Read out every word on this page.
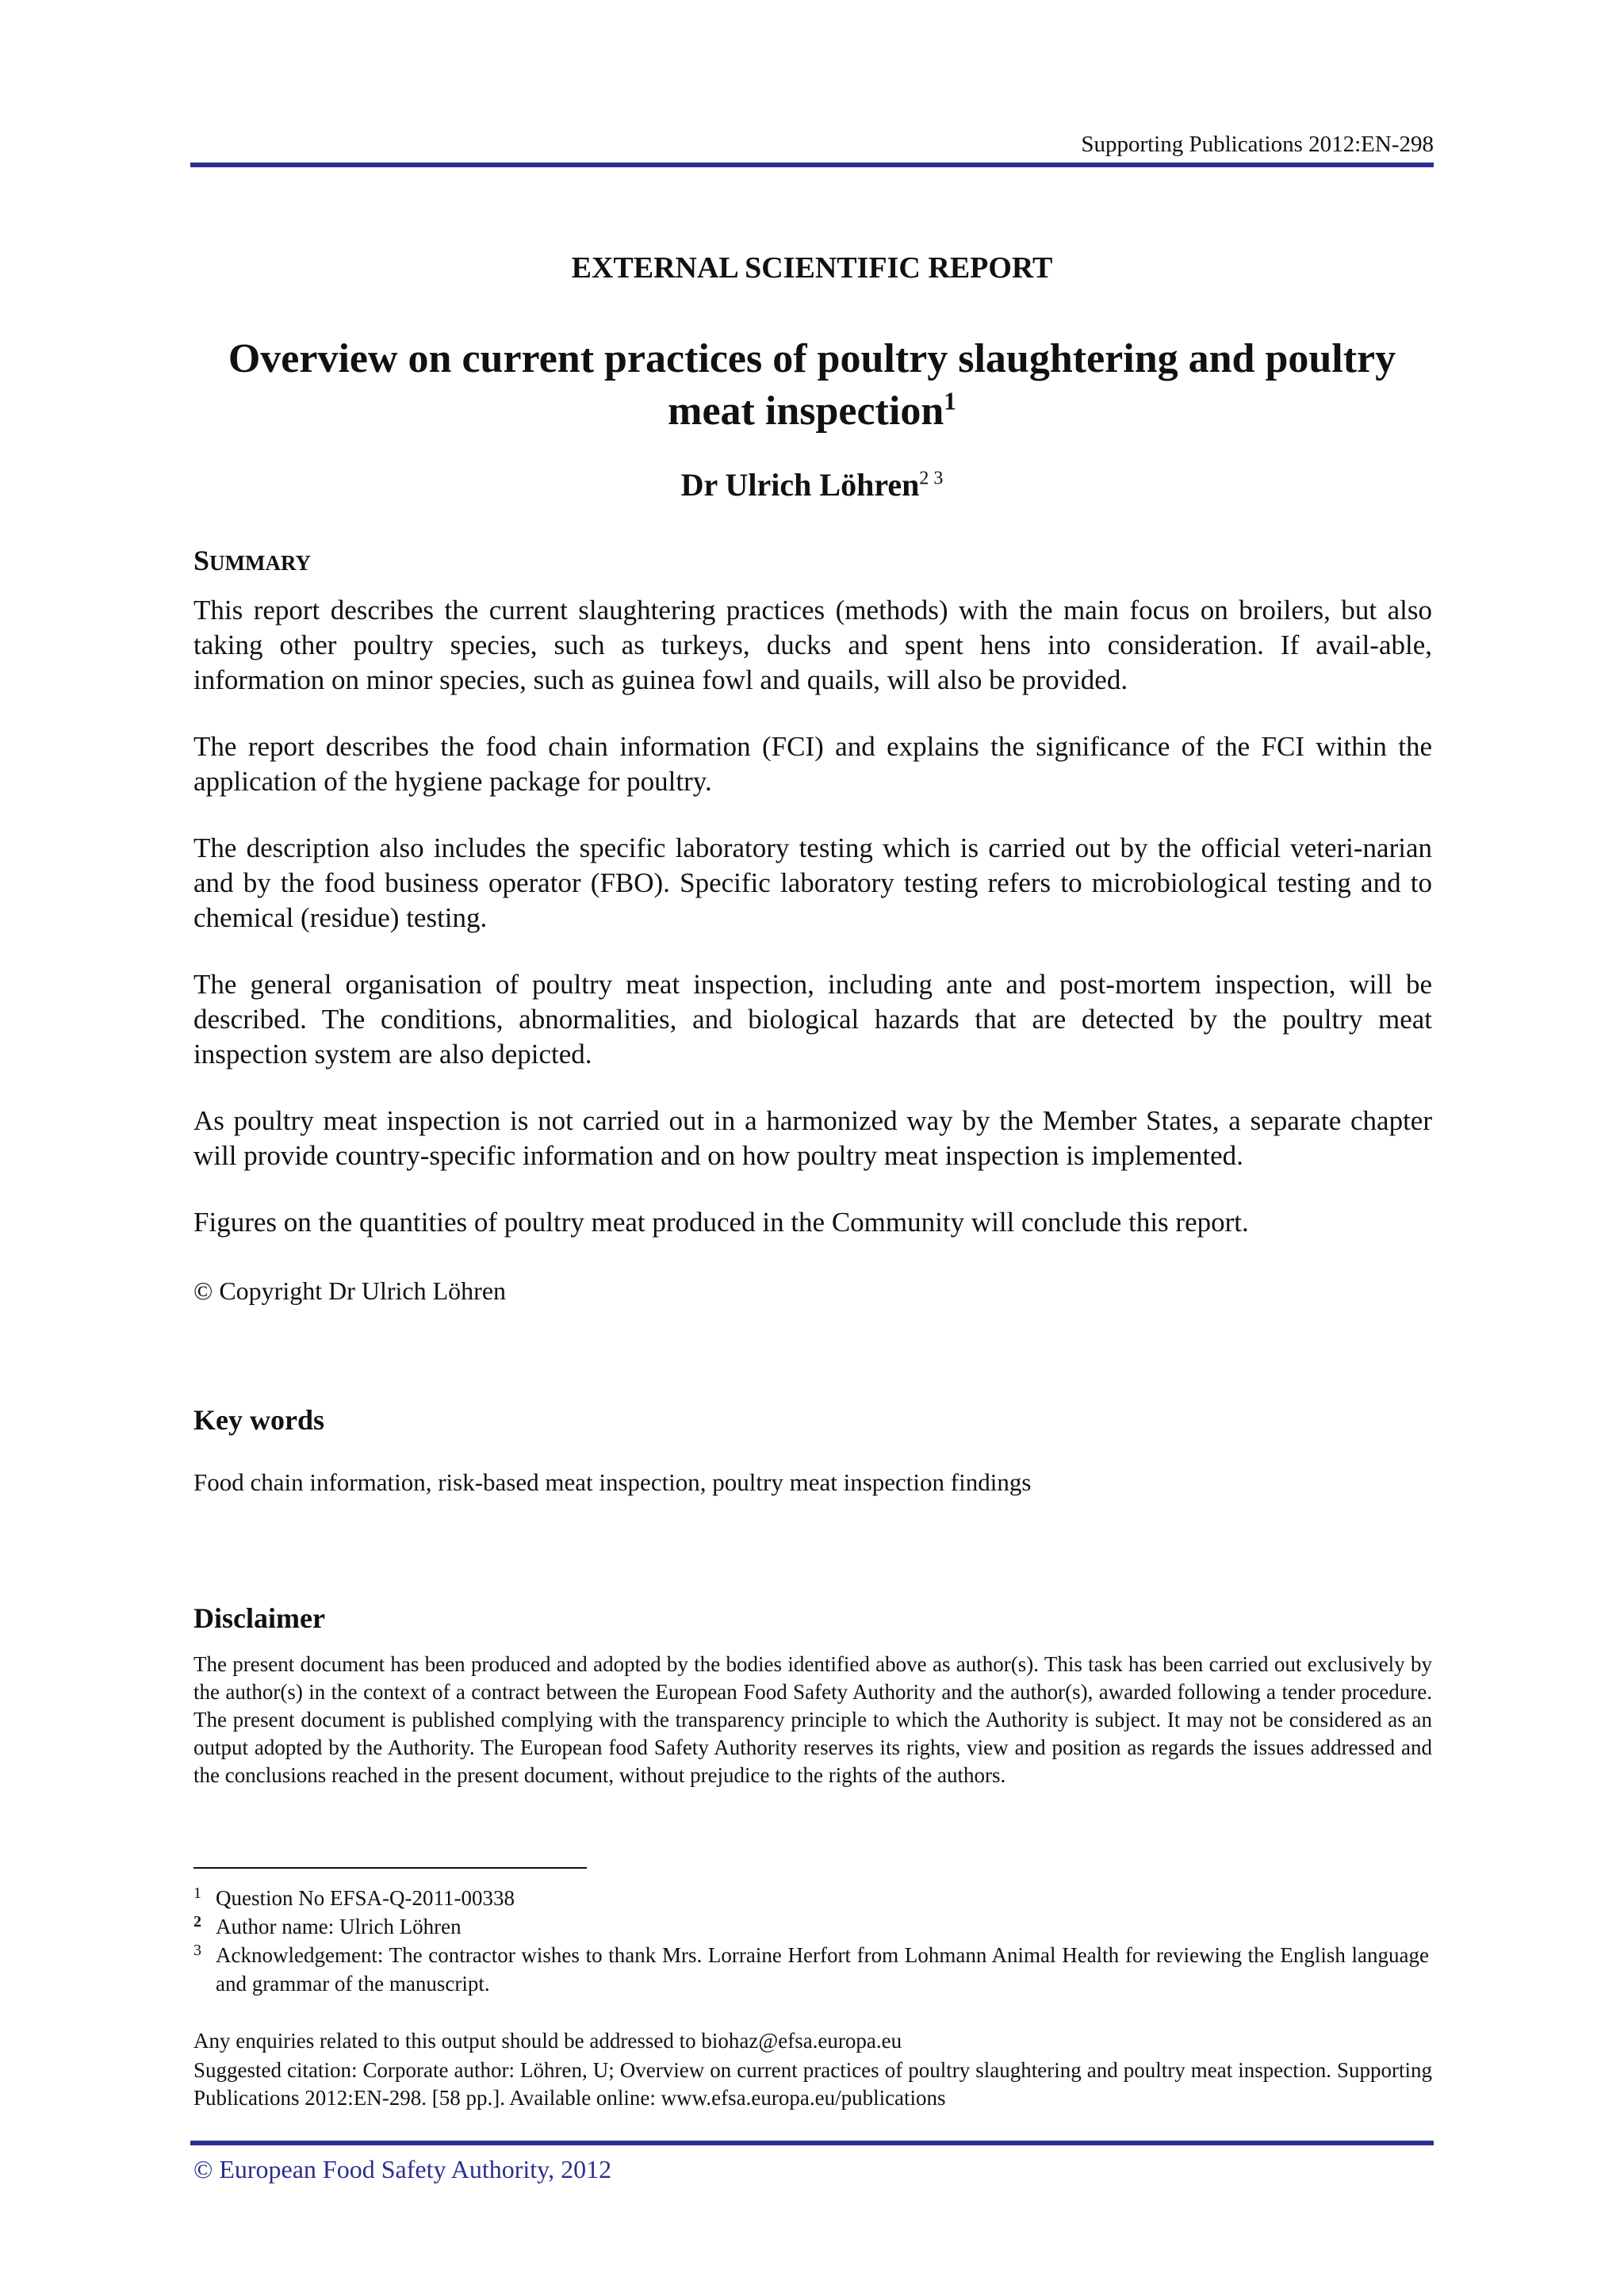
Supporting Publications 2012:EN-298
EXTERNAL SCIENTIFIC REPORT
Overview on current practices of poultry slaughtering and poultry
meat inspection$^1$
Dr Ulrich Löhren$^{2 3}$
SUMMARY
This report describes the current slaughtering practices (methods) with the main focus on broilers, but also taking other poultry species, such as turkeys, ducks and spent hens into consideration. If avail-able, information on minor species, such as guinea fowl and quails, will also be provided.
The report describes the food chain information (FCI) and explains the significance of the FCI within the application of the hygiene package for poultry.
The description also includes the specific laboratory testing which is carried out by the official veteri-narian and by the food business operator (FBO). Specific laboratory testing refers to microbiological testing and to chemical (residue) testing.
The general organisation of poultry meat inspection, including ante and post-mortem inspection, will be described. The conditions, abnormalities, and biological hazards that are detected by the poultry meat inspection system are also depicted.
As poultry meat inspection is not carried out in a harmonized way by the Member States, a separate chapter will provide country-specific information and on how poultry meat inspection is implemented.
Figures on the quantities of poultry meat produced in the Community will conclude this report.
© Copyright Dr Ulrich Löhren
Key words
Food chain information, risk-based meat inspection, poultry meat inspection findings
Disclaimer
The present document has been produced and adopted by the bodies identified above as author(s). This task has been carried out exclusively by the author(s) in the context of a contract between the European Food Safety Authority and the author(s), awarded following a tender procedure. The present document is published complying with the transparency principle to which the Authority is subject. It may not be considered as an output adopted by the Authority. The European food Safety Authority reserves its rights, view and position as regards the issues addressed and the conclusions reached in the present document, without prejudice to the rights of the authors.
1 Question No EFSA-Q-2011-00338
2 Author name: Ulrich Löhren
3 Acknowledgement: The contractor wishes to thank Mrs. Lorraine Herfort from Lohmann Animal Health for reviewing the English language and grammar of the manuscript.
Any enquiries related to this output should be addressed to biohaz@efsa.europa.eu
Suggested citation: Corporate author: Löhren, U; Overview on current practices of poultry slaughtering and poultry meat inspection. Supporting Publications 2012:EN-298. [58 pp.]. Available online: www.efsa.europa.eu/publications
© European Food Safety Authority, 2012
